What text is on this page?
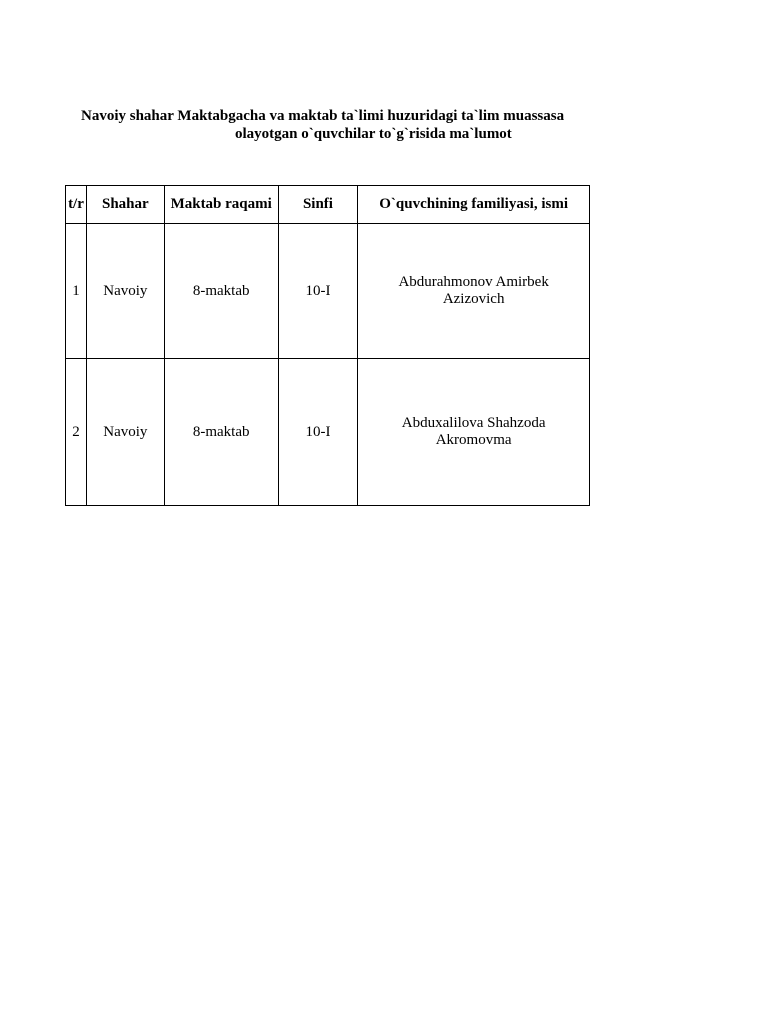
Navoiy shahar Maktabgacha va maktab ta`limi huzuridagi ta`lim muassasa
olayotgan o`quvchilar to`g`risida ma`lumot
t/r	Shahar	Maktab raqami	Sinfi	O`quvchining familiyasi, ismi
1	Navoiy	8-maktab	10-I	Abdurahmonov Amirbek
Azizovich

2	Navoiy	8-maktab	10-I	Abduxalilova Shahzoda
Akromovma
